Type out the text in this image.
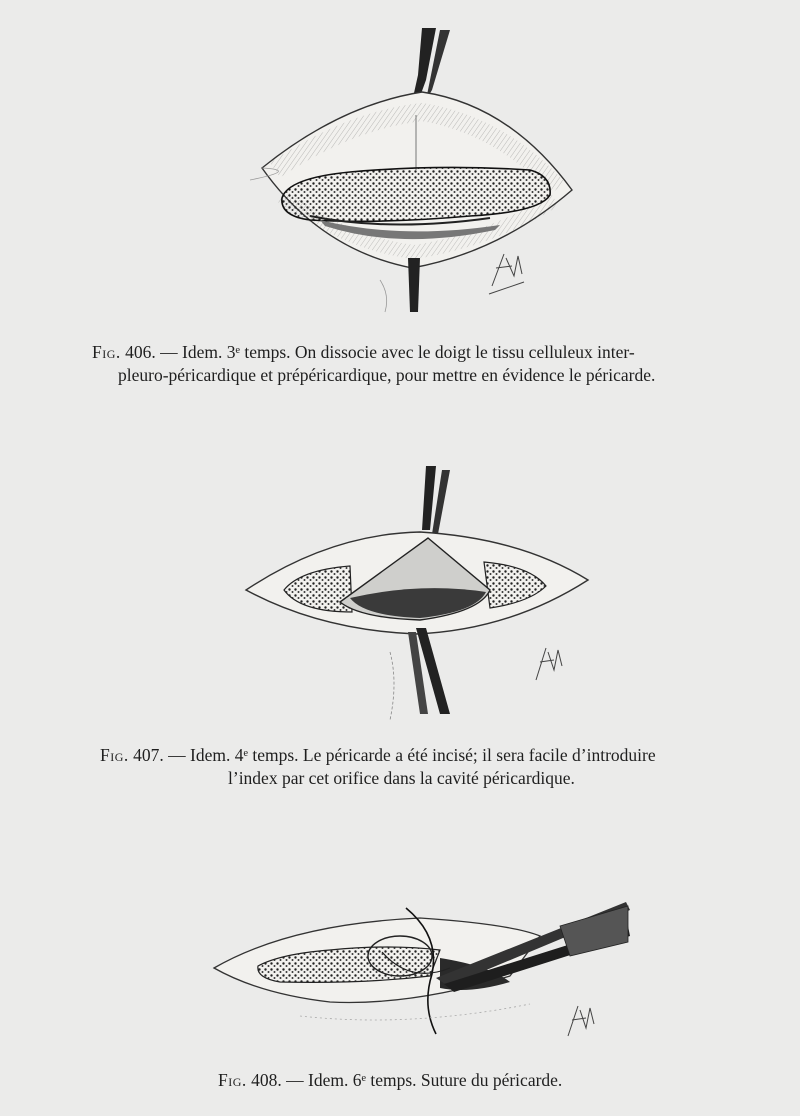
Fig. 406. — Idem. 3ᵉ temps. On dissocie avec le doigt le tissu celluleux inter-
pleuro-péricardique et prépéricardique, pour mettre en évidence le péricarde.
Fig. 407. — Idem. 4ᵉ temps. Le péricarde a été incisé; il sera facile d’introduire
l’index par cet orifice dans la cavité péricardique.
Fig. 408. — Idem. 6ᵉ temps. Suture du péricarde.
